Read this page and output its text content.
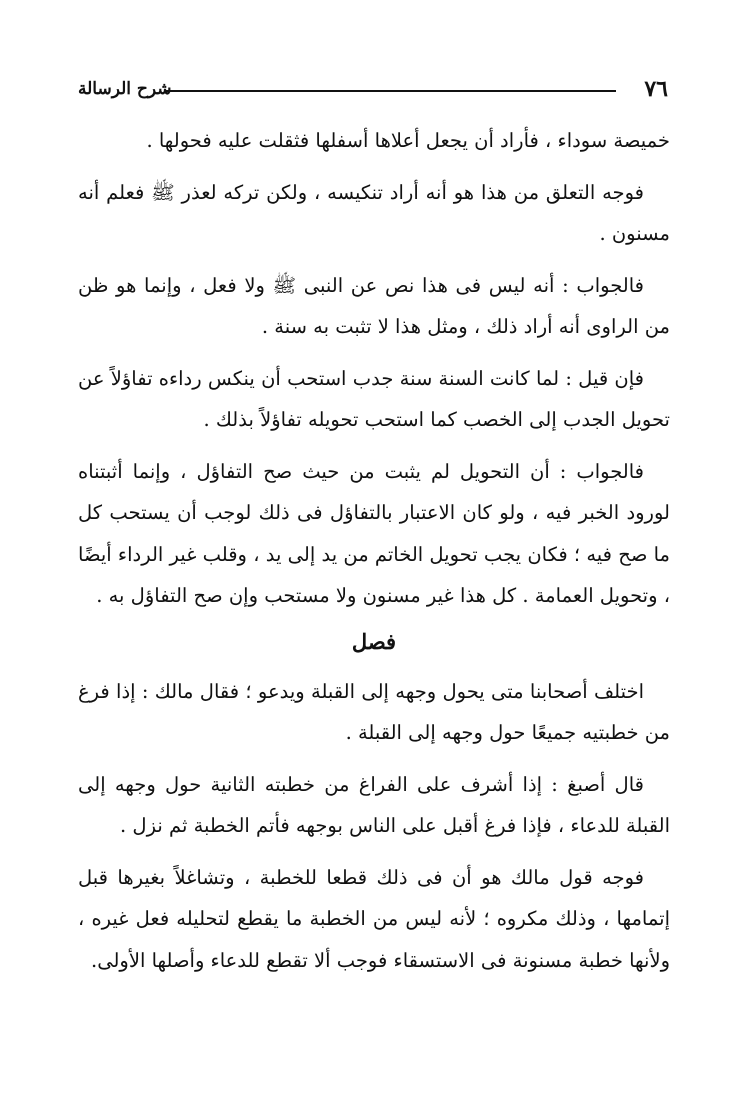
٧٦
شرح الرسالة

خميصة سوداء ، فأراد أن يجعل أعلاها أسفلها فثقلت عليه فحولها .

فوجه التعلق من هذا هو أنه أراد تنكيسه ، ولكن تركه لعذر ﷺ فعلم أنه مسنون .

فالجواب : أنه ليس فى هذا نص عن النبى ﷺ ولا فعل ، وإنما هو ظن من الراوى أنه أراد ذلك ، ومثل هذا لا تثبت به سنة .

فإن قيل : لما كانت السنة سنة جدب استحب أن ينكس رداءه تفاؤلاً عن تحويل الجدب إلى الخصب كما استحب تحويله تفاؤلاً بذلك .

فالجواب : أن التحويل لم يثبت من حيث صح التفاؤل ، وإنما أثبتناه لورود الخبر فيه ، ولو كان الاعتبار بالتفاؤل فى ذلك لوجب أن يستحب كل ما صح فيه ؛ فكان يجب تحويل الخاتم من يد إلى يد ، وقلب غير الرداء أيضًا ، وتحويل العمامة . كل هذا غير مسنون ولا مستحب وإن صح التفاؤل به .

فصل

اختلف أصحابنا متى يحول وجهه إلى القبلة ويدعو ؛ فقال مالك : إذا فرغ من خطبتيه جميعًا حول وجهه إلى القبلة .

قال أصبغ : إذا أشرف على الفراغ من خطبته الثانية حول وجهه إلى القبلة للدعاء ، فإذا فرغ أقبل على الناس بوجهه فأتم الخطبة ثم نزل .

فوجه قول مالك هو أن فى ذلك قطعا للخطبة ، وتشاغلاً بغيرها قبل إتمامها ، وذلك مكروه ؛ لأنه ليس من الخطبة ما يقطع لتحليله فعل غيره ، ولأنها خطبة مسنونة فى الاستسقاء فوجب ألا تقطع للدعاء وأصلها الأولى.
